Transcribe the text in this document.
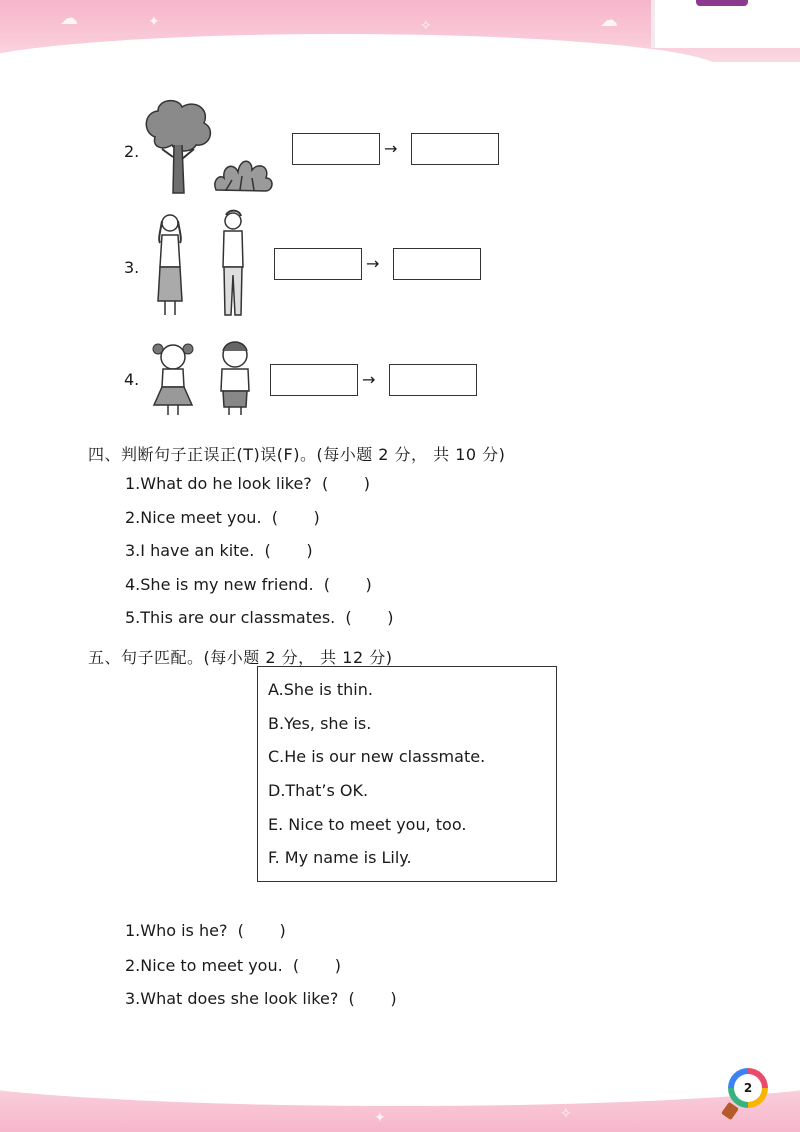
✦
☁	✧	☁
2.	→
3.	→
4.	→
四、判断句子正误正(T)误(F)。(每小题 2 分， 共 10 分)
1.What do he look like?  (       )
2.Nice meet you.  (       )
3.I have an kite.  (       )
4.She is my new friend.  (       )
5.This are our classmates.  (       )
五、句子匹配。(每小题 2 分， 共 12 分)
A.She is thin.
B.Yes, she is.
C.He is our new classmate.
D.That’s OK.
E. Nice to meet you, too.
F. My name is Lily.
1.Who is he?  (       )
2.Nice to meet you.  (       )
3.What does she look like?  (       )
✦	✧
2
